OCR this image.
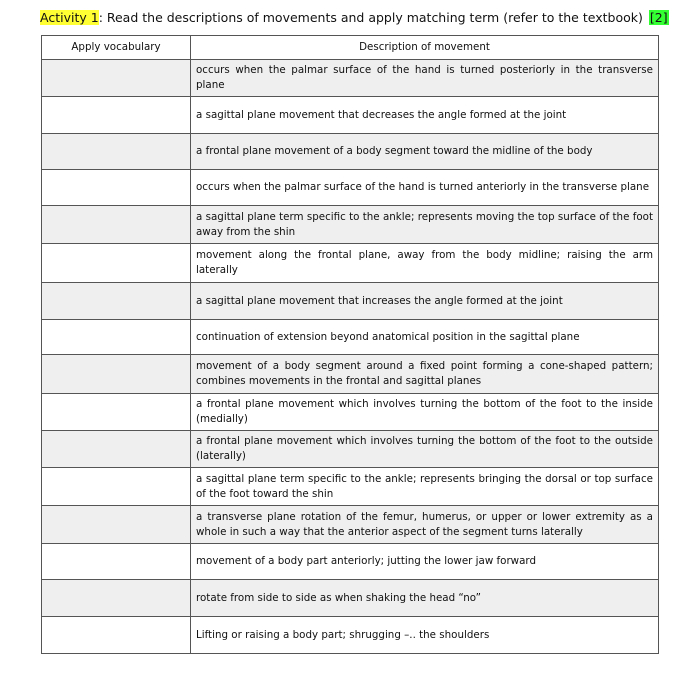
Activity 1: Read the descriptions of movements and apply matching term (refer to the textbook) [2]
Apply vocabulary	Description of movement
	occurs when the palmar surface of the hand is turned posteriorly in the transverse plane
	a sagittal plane movement that decreases the angle formed at the joint
	a frontal plane movement of a body segment toward the midline of the body
	occurs when the palmar surface of the hand is turned anteriorly in the transverse plane
	a sagittal plane term specific to the ankle; represents moving the top surface of the foot away from the shin
	movement along the frontal plane, away from the body midline; raising the arm laterally
	a sagittal plane movement that increases the angle formed at the joint
	continuation of extension beyond anatomical position in the sagittal plane
	movement of a body segment around a fixed point forming a cone-shaped pattern; combines movements in the frontal and sagittal planes
	a frontal plane movement which involves turning the bottom of the foot to the inside (medially)
	a frontal plane movement which involves turning the bottom of the foot to the outside (laterally)
	a sagittal plane term specific to the ankle; represents bringing the dorsal or top surface of the foot toward the shin
	a transverse plane rotation of the femur, humerus, or upper or lower extremity as a whole in such a way that the anterior aspect of the segment turns laterally
	movement of a body part anteriorly; jutting the lower jaw forward
	rotate from side to side as when shaking the head “no”
	Lifting or raising a body part; shrugging –.. the shoulders
